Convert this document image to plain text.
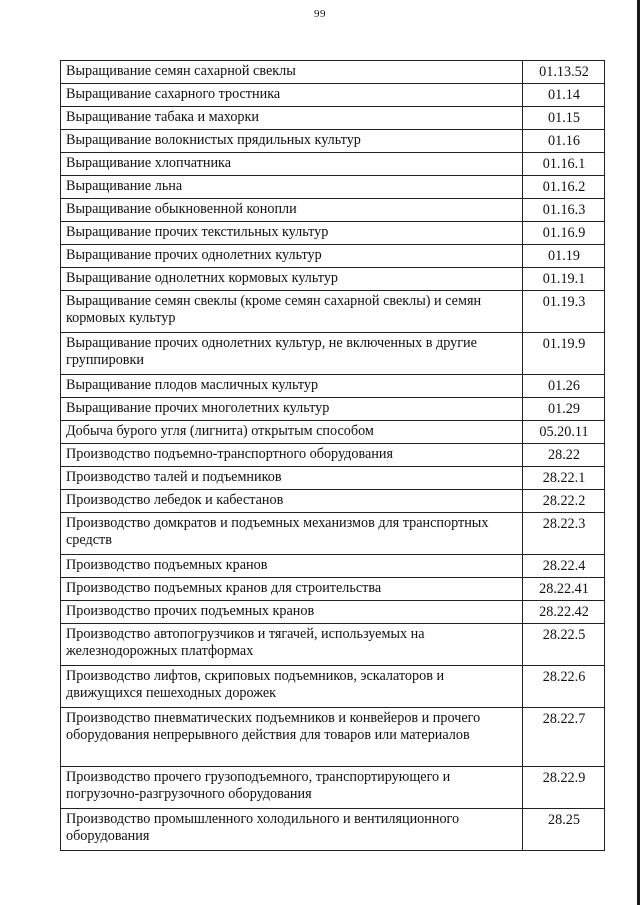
99
Выращивание семян сахарной свеклы	01.13.52
Выращивание сахарного тростника	01.14
Выращивание табака и махорки	01.15
Выращивание волокнистых прядильных культур	01.16
Выращивание хлопчатника	01.16.1
Выращивание льна	01.16.2
Выращивание обыкновенной конопли	01.16.3
Выращивание прочих текстильных культур	01.16.9
Выращивание прочих однолетних культур	01.19
Выращивание однолетних кормовых культур	01.19.1
Выращивание семян свеклы (кроме семян сахарной свеклы) и семян кормовых культур	01.19.3
Выращивание прочих однолетних культур, не включенных в другие группировки	01.19.9
Выращивание плодов масличных культур	01.26
Выращивание прочих многолетних культур	01.29
Добыча бурого угля (лигнита) открытым способом	05.20.11
Производство подъемно-транспортного оборудования	28.22
Производство талей и подъемников	28.22.1
Производство лебедок и кабестанов	28.22.2
Производство домкратов и подъемных механизмов для транспортных средств	28.22.3
Производство подъемных кранов	28.22.4
Производство подъемных кранов для строительства	28.22.41
Производство прочих подъемных кранов	28.22.42
Производство автопогрузчиков и тягачей, используемых на железнодорожных платформах	28.22.5
Производство лифтов, скриповых подъемников, эскалаторов и движущихся пешеходных дорожек	28.22.6
Производство пневматических подъемников и конвейеров и прочего оборудования непрерывного действия для товаров или материалов	28.22.7
Производство прочего грузоподъемного, транспортирующего и погрузочно-разгрузочного оборудования	28.22.9
Производство промышленного холодильного и вентиляционного оборудования	28.25
